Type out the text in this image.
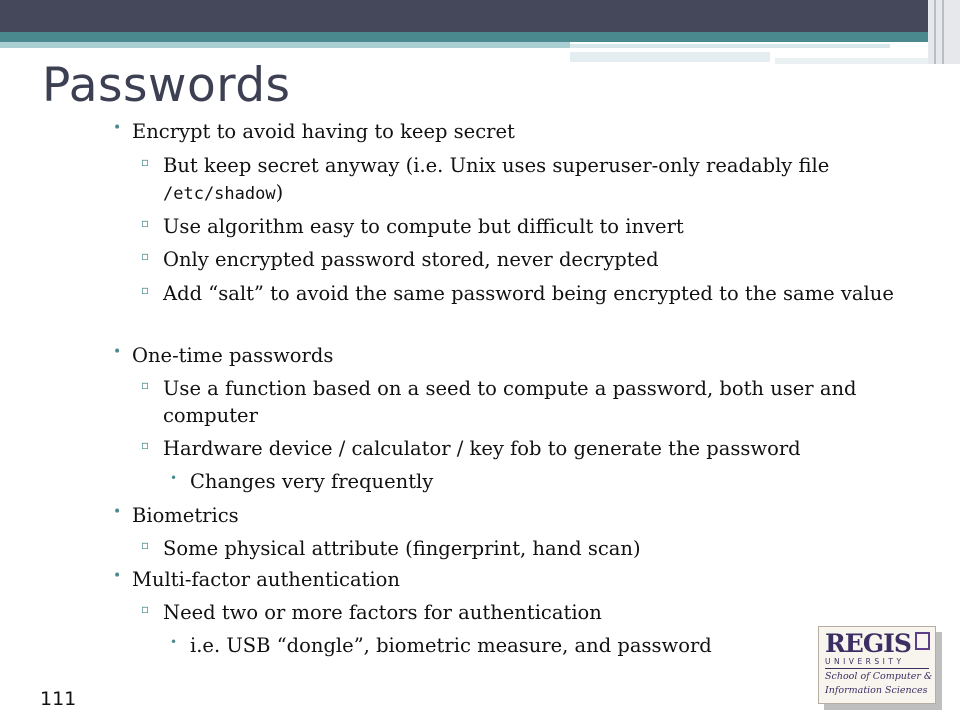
Passwords
• Encrypt to avoid having to keep secret
▫ But keep secret anyway (i.e. Unix uses superuser-only readably file /etc/shadow)
▫ Use algorithm easy to compute but difficult to invert
▫ Only encrypted password stored, never decrypted
▫ Add “salt” to avoid the same password being encrypted to the same value
• One-time passwords
▫ Use a function based on a seed to compute a password, both user and computer
▫ Hardware device / calculator / key fob to generate the password
• Changes very frequently
• Biometrics
▫ Some physical attribute (fingerprint, hand scan)
• Multi-factor authentication
▫ Need two or more factors for authentication
• i.e. USB “dongle”, biometric measure, and password
111
REGIS
UNIVERSITY
School of Computer &
Information Sciences
